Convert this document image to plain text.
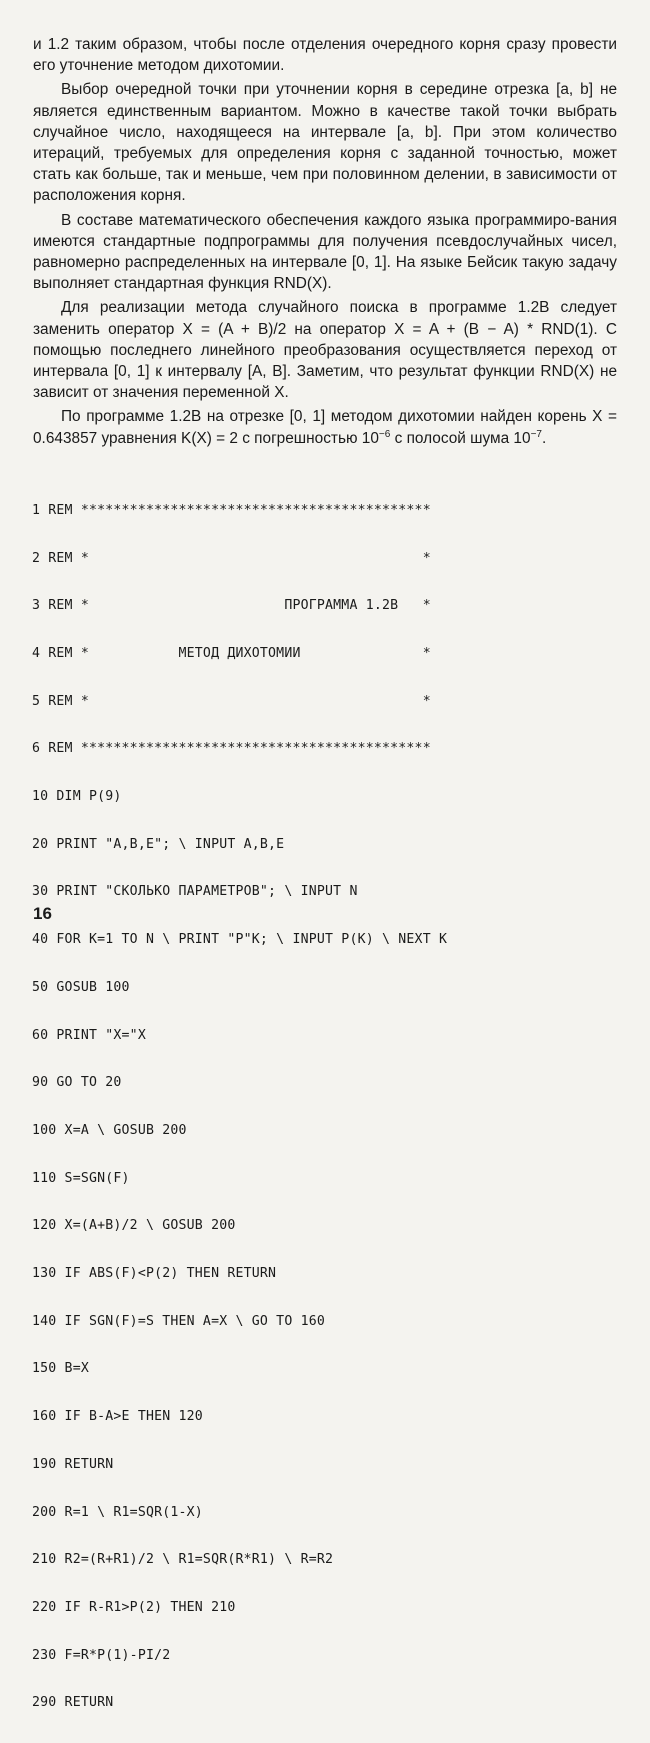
и 1.2 таким образом, чтобы после отделения очередного корня сразу провести его уточнение методом дихотомии.

Выбор очередной точки при уточнении корня в середине отрезка [a, b] не является единственным вариантом. Можно в качестве такой точки выбрать случайное число, находящееся на интервале [a, b]. При этом количество итераций, требуемых для определения корня с заданной точностью, может стать как больше, так и меньше, чем при половинном делении, в зависимости от расположения корня.

В составе математического обеспечения каждого языка программиро-вания имеются стандартные подпрограммы для получения псевдослучайных чисел, равномерно распределенных на интервале [0, 1]. На языке Бейсик такую задачу выполняет стандартная функция RND(X).

Для реализации метода случайного поиска в программе 1.2В следует заменить оператор X = (A + B)/2 на оператор X = A + (B − A) * RND(1). С помощью последнего линейного преобразования осуществляется переход от интервала [0, 1] к интервалу [A, B]. Заметим, что результат функции RND(X) не зависит от значения переменной X.

По программе 1.2В на отрезке [0, 1] методом дихотомии найден корень X = 0.643857 уравнения K(X) = 2 с погрешностью $10^{-6}$ с полосой шума $10^{-7}$.

1 REM *******************************************

2 REM *                                         *

3 REM *                        ПРОГРАММА 1.2В   *

4 REM *           МЕТОД ДИХОТОМИИ               *

5 REM *                                         *

6 REM *******************************************

10 DIM P(9)

20 PRINT "A,B,E"; \ INPUT A,B,E

30 PRINT "СКОЛЬКО ПАРАМЕТРОВ"; \ INPUT N

40 FOR K=1 TO N \ PRINT "P"K; \ INPUT P(K) \ NEXT K

50 GOSUB 100

60 PRINT "X="X

90 GO TO 20

100 X=A \ GOSUB 200

110 S=SGN(F)

120 X=(A+B)/2 \ GOSUB 200

130 IF ABS(F)<P(2) THEN RETURN

140 IF SGN(F)=S THEN A=X \ GO TO 160

150 B=X

160 IF B-A>E THEN 120

190 RETURN

200 R=1 \ R1=SQR(1-X)

210 R2=(R+R1)/2 \ R1=SQR(R*R1) \ R=R2

220 IF R-R1>P(2) THEN 210

230 F=R*P(1)-PI/2

290 RETURN

16
